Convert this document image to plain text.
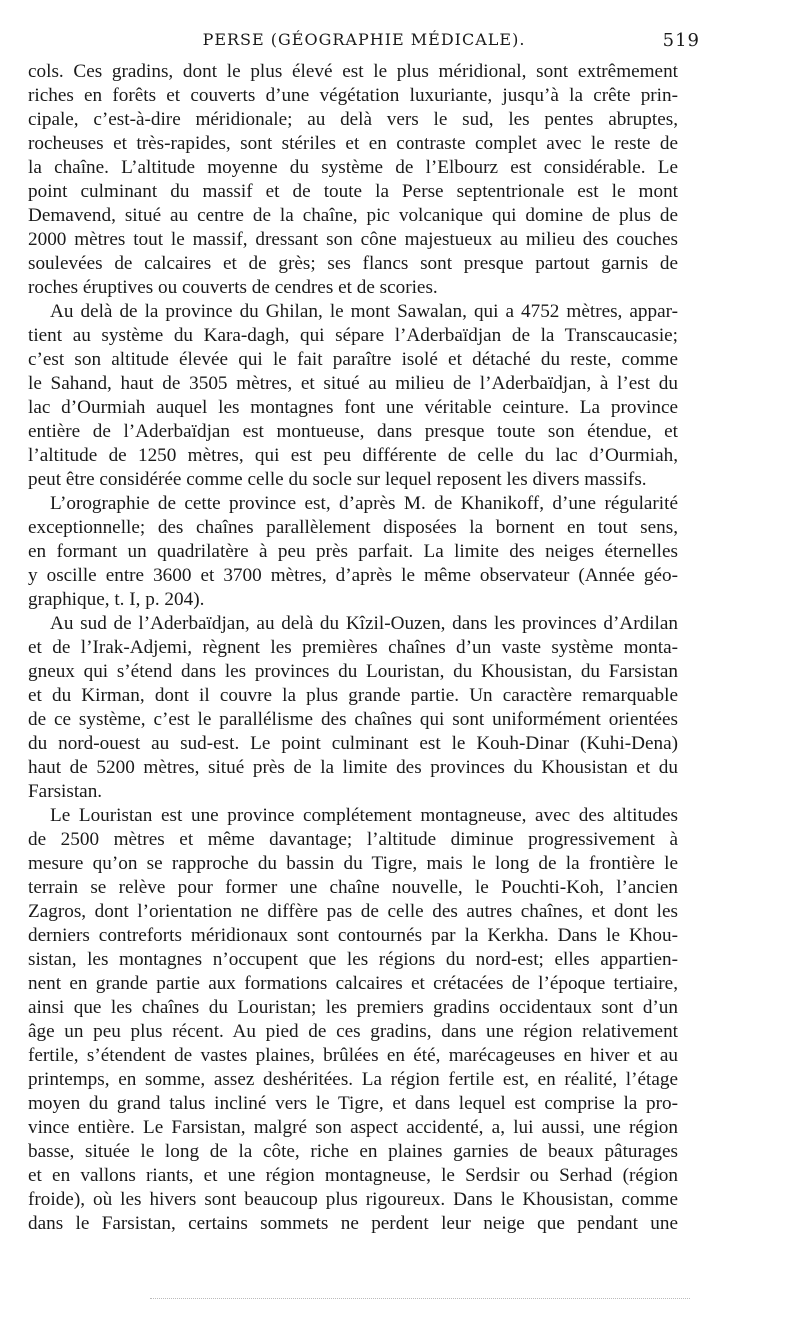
PERSE (GÉOGRAPHIE MÉDICALE).	519
cols. Ces gradins, dont le plus élevé est le plus méridional, sont extrêmement
riches en forêts et couverts d’une végétation luxuriante, jusqu’à la crête prin-
cipale, c’est-à-dire méridionale; au delà vers le sud, les pentes abruptes,
rocheuses et très-rapides, sont stériles et en contraste complet avec le reste de
la chaîne. L’altitude moyenne du système de l’Elbourz est considérable. Le
point culminant du massif et de toute la Perse septentrionale est le mont
Demavend, situé au centre de la chaîne, pic volcanique qui domine de plus de
2000 mètres tout le massif, dressant son cône majestueux au milieu des couches
soulevées de calcaires et de grès; ses flancs sont presque partout garnis de
roches éruptives ou couverts de cendres et de scories.
Au delà de la province du Ghilan, le mont Sawalan, qui a 4752 mètres, appar-
tient au système du Kara-dagh, qui sépare l’Aderbaïdjan de la Transcaucasie;
c’est son altitude élevée qui le fait paraître isolé et détaché du reste, comme
le Sahand, haut de 3505 mètres, et situé au milieu de l’Aderbaïdjan, à l’est du
lac d’Ourmiah auquel les montagnes font une véritable ceinture. La province
entière de l’Aderbaïdjan est montueuse, dans presque toute son étendue, et
l’altitude de 1250 mètres, qui est peu différente de celle du lac d’Ourmiah,
peut être considérée comme celle du socle sur lequel reposent les divers massifs.
L’orographie de cette province est, d’après M. de Khanikoff, d’une régularité
exceptionnelle; des chaînes parallèlement disposées la bornent en tout sens,
en formant un quadrilatère à peu près parfait. La limite des neiges éternelles
y oscille entre 3600 et 3700 mètres, d’après le même observateur (Année géo-
graphique, t. I, p. 204).
Au sud de l’Aderbaïdjan, au delà du Kîzil-Ouzen, dans les provinces d’Ardilan
et de l’Irak-Adjemi, règnent les premières chaînes d’un vaste système monta-
gneux qui s’étend dans les provinces du Louristan, du Khousistan, du Farsistan
et du Kirman, dont il couvre la plus grande partie. Un caractère remarquable
de ce système, c’est le parallélisme des chaînes qui sont uniformément orientées
du nord-ouest au sud-est. Le point culminant est le Kouh-Dinar (Kuhi-Dena)
haut de 5200 mètres, situé près de la limite des provinces du Khousistan et du
Farsistan.
Le Louristan est une province complétement montagneuse, avec des altitudes
de 2500 mètres et même davantage; l’altitude diminue progressivement à
mesure qu’on se rapproche du bassin du Tigre, mais le long de la frontière le
terrain se relève pour former une chaîne nouvelle, le Pouchti-Koh, l’ancien
Zagros, dont l’orientation ne diffère pas de celle des autres chaînes, et dont les
derniers contreforts méridionaux sont contournés par la Kerkha. Dans le Khou-
sistan, les montagnes n’occupent que les régions du nord-est; elles appartien-
nent en grande partie aux formations calcaires et crétacées de l’époque tertiaire,
ainsi que les chaînes du Louristan; les premiers gradins occidentaux sont d’un
âge un peu plus récent. Au pied de ces gradins, dans une région relativement
fertile, s’étendent de vastes plaines, brûlées en été, marécageuses en hiver et au
printemps, en somme, assez deshéritées. La région fertile est, en réalité, l’étage
moyen du grand talus incliné vers le Tigre, et dans lequel est comprise la pro-
vince entière. Le Farsistan, malgré son aspect accidenté, a, lui aussi, une région
basse, située le long de la côte, riche en plaines garnies de beaux pâturages
et en vallons riants, et une région montagneuse, le Serdsir ou Serhad (région
froide), où les hivers sont beaucoup plus rigoureux. Dans le Khousistan, comme
dans le Farsistan, certains sommets ne perdent leur neige que pendant une
